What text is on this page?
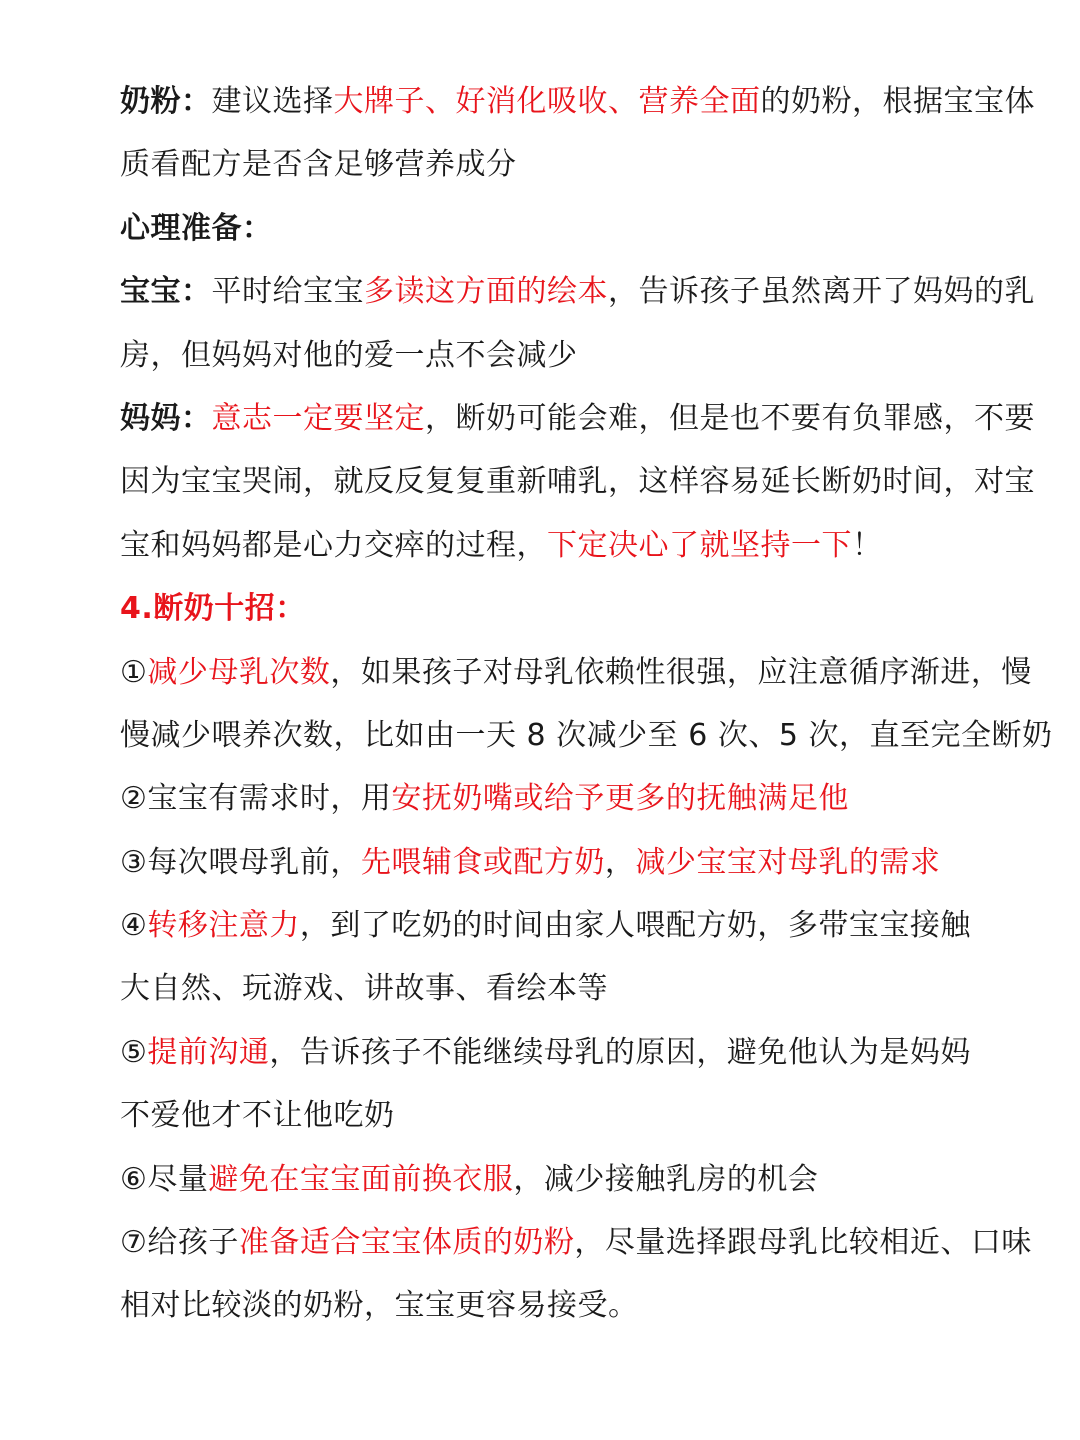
奶粉：建议选择大牌子、好消化吸收、营养全面的奶粉，根据宝宝体
质看配方是否含足够营养成分
心理准备：
宝宝：平时给宝宝多读这方面的绘本，告诉孩子虽然离开了妈妈的乳
房，但妈妈对他的爱一点不会减少
妈妈：意志一定要坚定，断奶可能会难，但是也不要有负罪感，不要
因为宝宝哭闹，就反反复复重新哺乳，这样容易延长断奶时间，对宝
宝和妈妈都是心力交瘁的过程，下定决心了就坚持一下！
4.断奶十招：
①减少母乳次数，如果孩子对母乳依赖性很强，应注意循序渐进，慢
慢减少喂养次数，比如由一天 8 次减少至 6 次、5 次，直至完全断奶
②宝宝有需求时，用安抚奶嘴或给予更多的抚触满足他
③每次喂母乳前，先喂辅食或配方奶，减少宝宝对母乳的需求
④转移注意力，到了吃奶的时间由家人喂配方奶，多带宝宝接触
大自然、玩游戏、讲故事、看绘本等
⑤提前沟通，告诉孩子不能继续母乳的原因，避免他认为是妈妈
不爱他才不让他吃奶
⑥尽量避免在宝宝面前换衣服，减少接触乳房的机会
⑦给孩子准备适合宝宝体质的奶粉，尽量选择跟母乳比较相近、口味
相对比较淡的奶粉，宝宝更容易接受。
